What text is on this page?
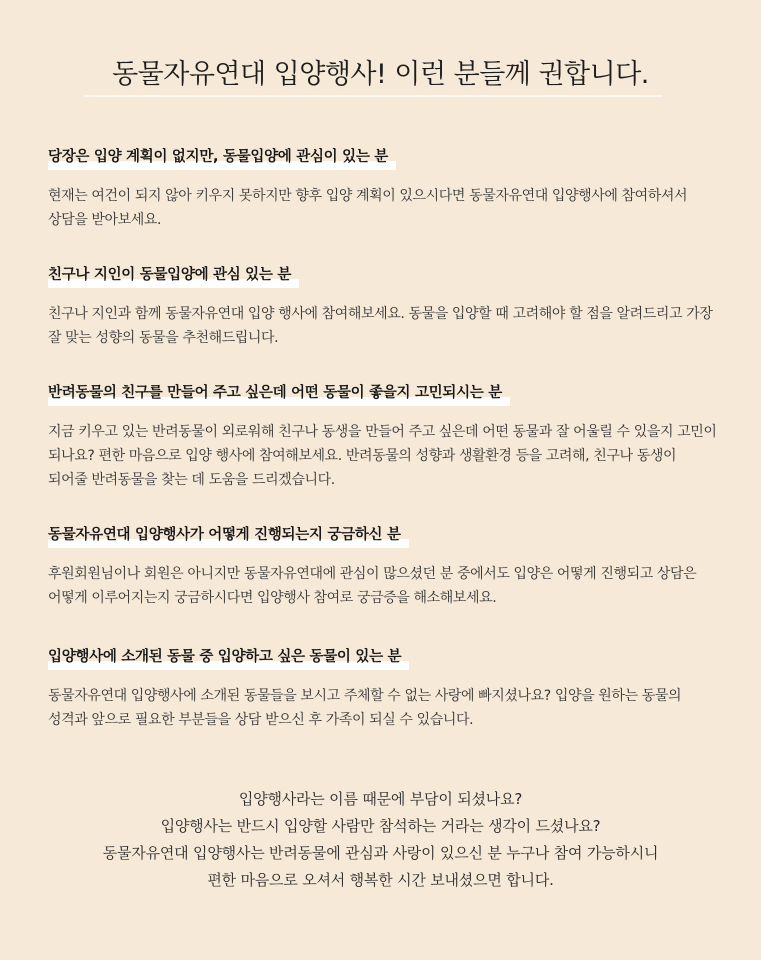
동물자유연대 입양행사! 이런 분들께 권합니다.
당장은 입양 계획이 없지만, 동물입양에 관심이 있는 분
현재는 여건이 되지 않아 키우지 못하지만 향후 입양 계획이 있으시다면 동물자유연대 입양행사에 참여하셔서 상담을 받아보세요.
친구나 지인이 동물입양에 관심 있는 분
친구나 지인과 함께 동물자유연대 입양 행사에 참여해보세요. 동물을 입양할 때 고려해야 할 점을 알려드리고 가장 잘 맞는 성향의 동물을 추천해드립니다.
반려동물의 친구를 만들어 주고 싶은데 어떤 동물이 좋을지 고민되시는 분
지금 키우고 있는 반려동물이 외로워해 친구나 동생을 만들어 주고 싶은데 어떤 동물과 잘 어울릴 수 있을지 고민이 되나요? 편한 마음으로 입양 행사에 참여해보세요. 반려동물의 성향과 생활환경 등을 고려해, 친구나 동생이 되어줄 반려동물을 찾는 데 도움을 드리겠습니다.
동물자유연대 입양행사가 어떻게 진행되는지 궁금하신 분
후원회원님이나 회원은 아니지만 동물자유연대에 관심이 많으셨던 분 중에서도 입양은 어떻게 진행되고 상담은 어떻게 이루어지는지 궁금하시다면 입양행사 참여로 궁금증을 해소해보세요.
입양행사에 소개된 동물 중 입양하고 싶은 동물이 있는 분
동물자유연대 입양행사에 소개된 동물들을 보시고 주체할 수 없는 사랑에 빠지셨나요? 입양을 원하는 동물의 성격과 앞으로 필요한 부분들을 상담 받으신 후 가족이 되실 수 있습니다.
입양행사라는 이름 때문에 부담이 되셨나요?
입양행사는 반드시 입양할 사람만 참석하는 거라는 생각이 드셨나요?
동물자유연대 입양행사는 반려동물에 관심과 사랑이 있으신 분 누구나 참여 가능하시니
편한 마음으로 오셔서 행복한 시간 보내셨으면 합니다.
